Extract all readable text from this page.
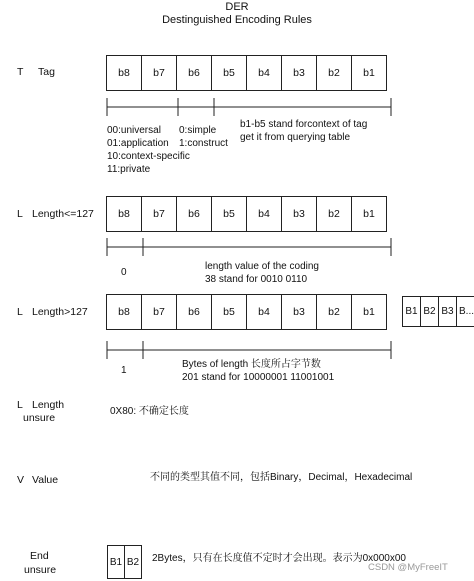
DER
Destinguished Encoding Rules
T Tag	b8	b7	b6	b5	b4	b3	b2	b1
00:universal
01:application
10:context-specific
11:private
0:simple
1:construct
b1-b5 stand forcontext of tag
get it from querying table
L Length<=127	b8	b7	b6	b5	b4	b3	b2	b1
0
length value of the coding
38 stand for 0010 0110
L Length>127	b8	b7	b6	b5	b4	b3	b2	b1	B1 B2 B3 B...
1
Bytes of length 长度所占字节数
201 stand for 10000001 11001001
L Length
unsure
0X80: 不确定长度
V Value	不同的类型其值不同，包括Binary，Decimal，Hexadecimal
End
unsure
B1 B2 2Bytes，只有在长度值不定时才会出现。表示为0x000x00
CSDN @MyFreeIT
